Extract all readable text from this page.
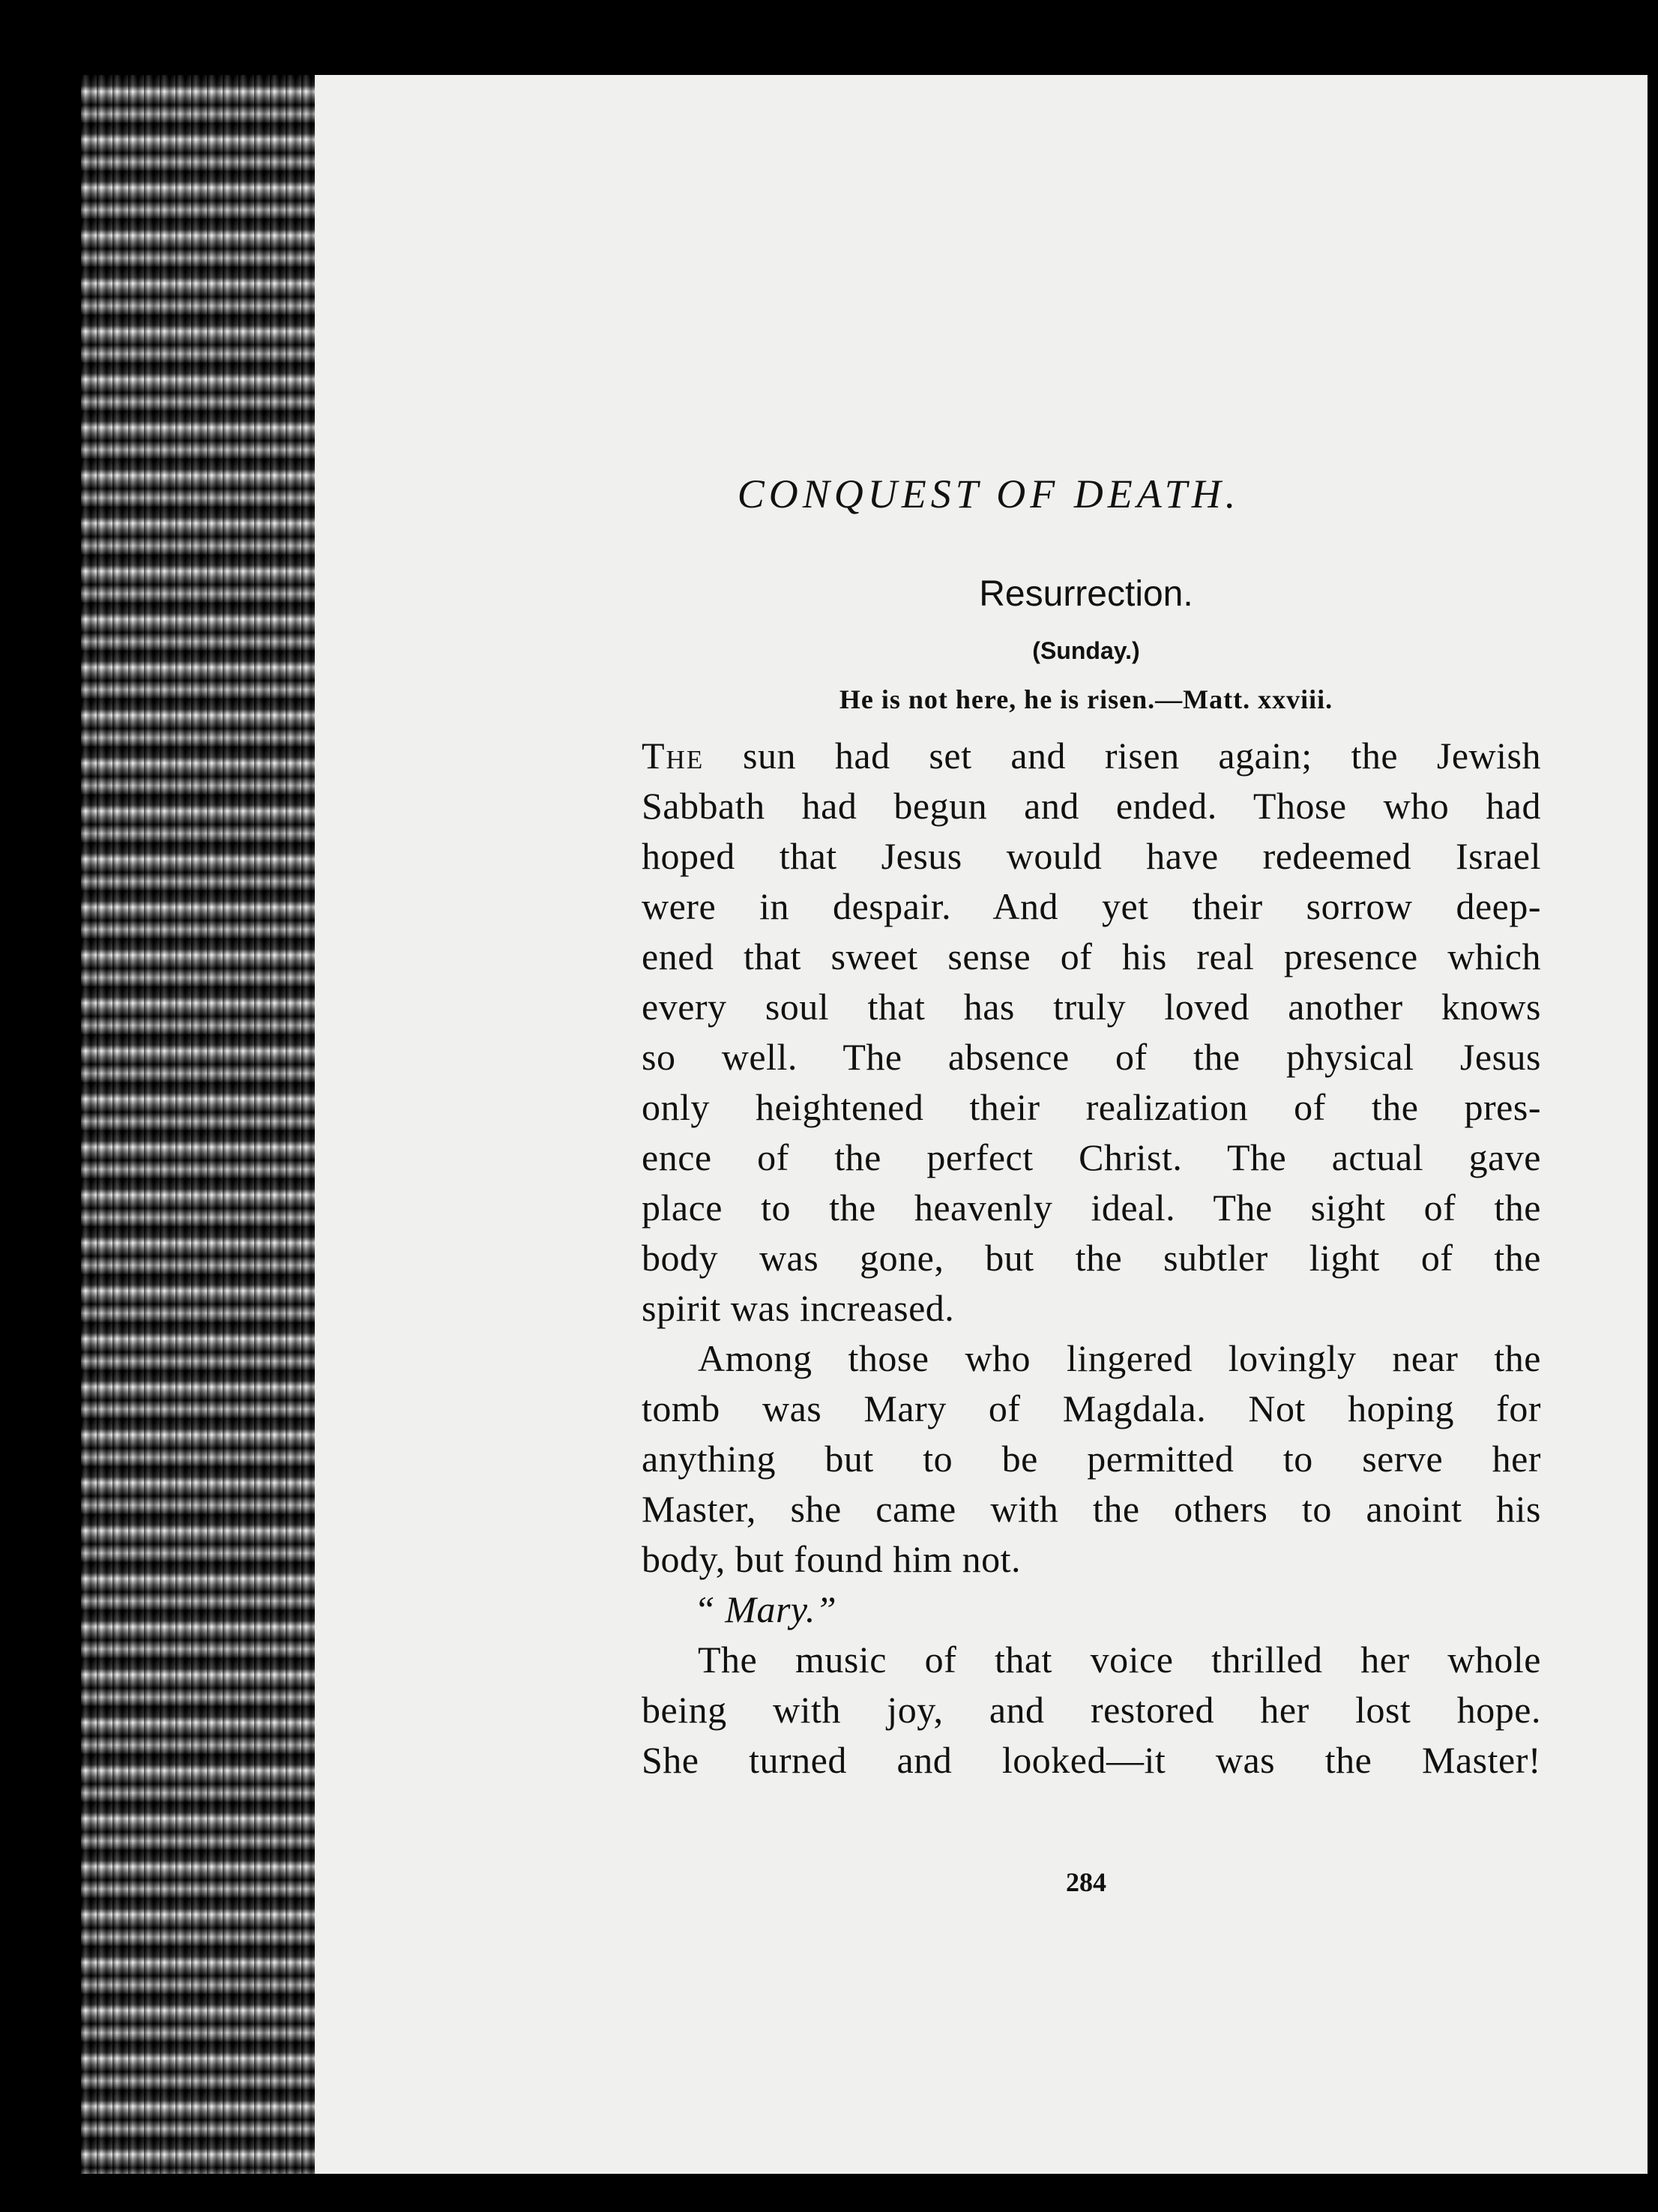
CONQUEST OF DEATH.
Resurrection.
(Sunday.)
He is not here, he is risen.—Matt. xxviii.
The sun had set and risen again; the Jewish
Sabbath had begun and ended. Those who had
hoped that Jesus would have redeemed Israel
were in despair. And yet their sorrow deep-
ened that sweet sense of his real presence which
every soul that has truly loved another knows
so well. The absence of the physical Jesus
only heightened their realization of the pres-
ence of the perfect Christ. The actual gave
place to the heavenly ideal. The sight of the
body was gone, but the subtler light of the
spirit was increased.
Among those who lingered lovingly near the
tomb was Mary of Magdala. Not hoping for
anything but to be permitted to serve her
Master, she came with the others to anoint his
body, but found him not.
“ Mary.”
The music of that voice thrilled her whole
being with joy, and restored her lost hope.
She turned and looked—it was the Master!
284
